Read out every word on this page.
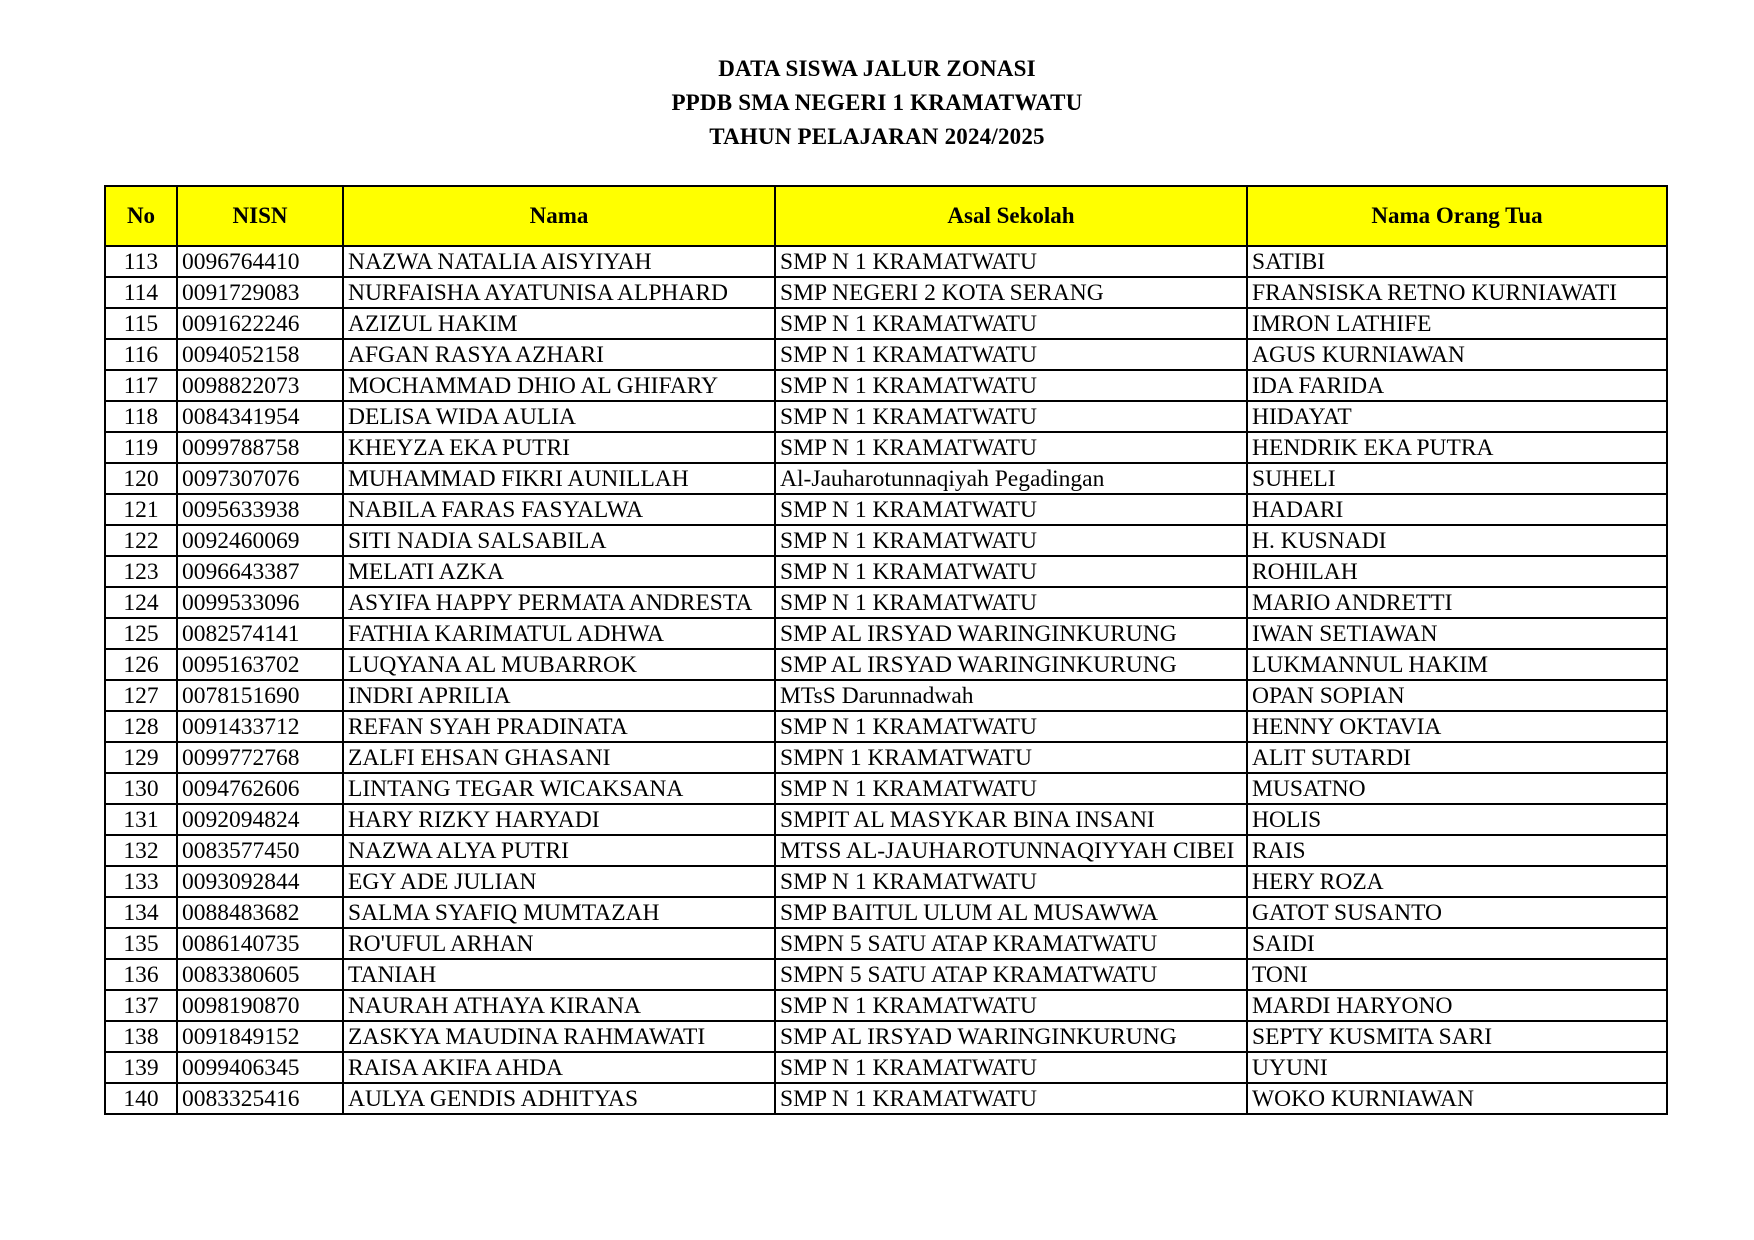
DATA SISWA JALUR ZONASI
PPDB SMA NEGERI 1 KRAMATWATU
TAHUN PELAJARAN 2024/2025
No	NISN	Nama	Asal Sekolah	Nama Orang Tua
113	0096764410	NAZWA NATALIA AISYIYAH	SMP N 1 KRAMATWATU	SATIBI
114	0091729083	NURFAISHA AYATUNISA ALPHARD	SMP NEGERI 2 KOTA SERANG	FRANSISKA RETNO KURNIAWATI
115	0091622246	AZIZUL HAKIM	SMP N 1 KRAMATWATU	IMRON LATHIFE
116	0094052158	AFGAN RASYA AZHARI	SMP N 1 KRAMATWATU	AGUS KURNIAWAN
117	0098822073	MOCHAMMAD DHIO AL GHIFARY	SMP N 1 KRAMATWATU	IDA FARIDA
118	0084341954	DELISA WIDA AULIA	SMP N 1 KRAMATWATU	HIDAYAT
119	0099788758	KHEYZA EKA PUTRI	SMP N 1 KRAMATWATU	HENDRIK EKA PUTRA
120	0097307076	MUHAMMAD FIKRI AUNILLAH	Al-Jauharotunnaqiyah Pegadingan	SUHELI
121	0095633938	NABILA FARAS FASYALWA	SMP N 1 KRAMATWATU	HADARI
122	0092460069	SITI NADIA SALSABILA	SMP N 1 KRAMATWATU	H. KUSNADI
123	0096643387	MELATI AZKA	SMP N 1 KRAMATWATU	ROHILAH
124	0099533096	ASYIFA HAPPY PERMATA ANDRESTA	SMP N 1 KRAMATWATU	MARIO ANDRETTI
125	0082574141	FATHIA KARIMATUL ADHWA	SMP AL IRSYAD WARINGINKURUNG	IWAN SETIAWAN
126	0095163702	LUQYANA AL MUBARROK	SMP AL IRSYAD WARINGINKURUNG	LUKMANNUL HAKIM
127	0078151690	INDRI APRILIA	MTsS Darunnadwah	OPAN SOPIAN
128	0091433712	REFAN SYAH PRADINATA	SMP N 1 KRAMATWATU	HENNY OKTAVIA
129	0099772768	ZALFI EHSAN GHASANI	SMPN 1 KRAMATWATU	ALIT SUTARDI
130	0094762606	LINTANG TEGAR WICAKSANA	SMP N 1 KRAMATWATU	MUSATNO
131	0092094824	HARY RIZKY HARYADI	SMPIT AL MASYKAR BINA INSANI	HOLIS
132	0083577450	NAZWA ALYA PUTRI	MTSS AL-JAUHAROTUNNAQIYYAH CIBEI	RAIS
133	0093092844	EGY ADE JULIAN	SMP N 1 KRAMATWATU	HERY ROZA
134	0088483682	SALMA SYAFIQ MUMTAZAH	SMP BAITUL ULUM AL MUSAWWA	GATOT SUSANTO
135	0086140735	RO'UFUL ARHAN	SMPN 5 SATU ATAP KRAMATWATU	SAIDI
136	0083380605	TANIAH	SMPN 5 SATU ATAP KRAMATWATU	TONI
137	0098190870	NAURAH ATHAYA KIRANA	SMP N 1 KRAMATWATU	MARDI HARYONO
138	0091849152	ZASKYA MAUDINA RAHMAWATI	SMP AL IRSYAD WARINGINKURUNG	SEPTY KUSMITA SARI
139	0099406345	RAISA AKIFA AHDA	SMP N 1 KRAMATWATU	UYUNI
140	0083325416	AULYA GENDIS ADHITYAS	SMP N 1 KRAMATWATU	WOKO KURNIAWAN
